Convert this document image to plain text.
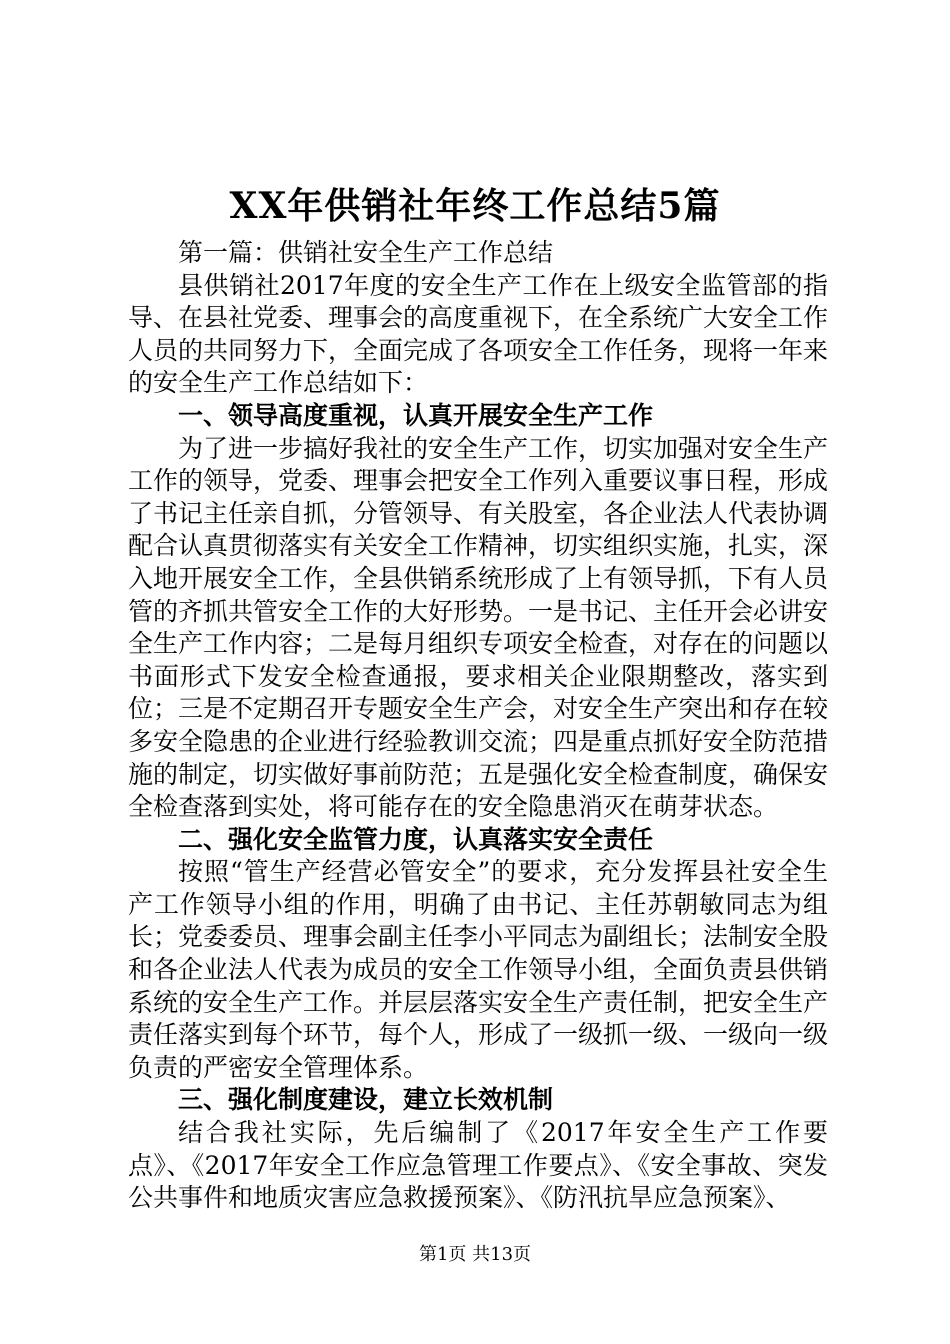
XX年供销社年终工作总结5篇

第一篇：供销社安全生产工作总结

县供销社2017年度的安全生产工作在上级安全监管部的指导、在县社党委、理事会的高度重视下，在全系统广大安全工作人员的共同努力下，全面完成了各项安全工作任务，现将一年来的安全生产工作总结如下：

一、领导高度重视，认真开展安全生产工作

为了进一步搞好我社的安全生产工作，切实加强对安全生产工作的领导，党委、理事会把安全工作列入重要议事日程，形成了书记主任亲自抓，分管领导、有关股室，各企业法人代表协调配合认真贯彻落实有关安全工作精神，切实组织实施，扎实，深入地开展安全工作，全县供销系统形成了上有领导抓，下有人员管的齐抓共管安全工作的大好形势。一是书记、主任开会必讲安全生产工作内容；二是每月组织专项安全检查，对存在的问题以书面形式下发安全检查通报，要求相关企业限期整改，落实到位；三是不定期召开专题安全生产会，对安全生产突出和存在较多安全隐患的企业进行经验教训交流；四是重点抓好安全防范措施的制定，切实做好事前防范；五是强化安全检查制度，确保安全检查落到实处，将可能存在的安全隐患消灭在萌芽状态。

二、强化安全监管力度，认真落实安全责任

按照“管生产经营必管安全”的要求，充分发挥县社安全生产工作领导小组的作用，明确了由书记、主任苏朝敏同志为组长；党委委员、理事会副主任李小平同志为副组长；法制安全股和各企业法人代表为成员的安全工作领导小组，全面负责县供销系统的安全生产工作。并层层落实安全生产责任制，把安全生产责任落实到每个环节，每个人，形成了一级抓一级、一级向一级负责的严密安全管理体系。

三、强化制度建设，建立长效机制

结合我社实际，先后编制了《2017年安全生产工作要点》、《2017年安全工作应急管理工作要点》、《安全事故、突发公共事件和地质灾害应急救援预案》、《防汛抗旱应急预案》、

第1页 共13页
